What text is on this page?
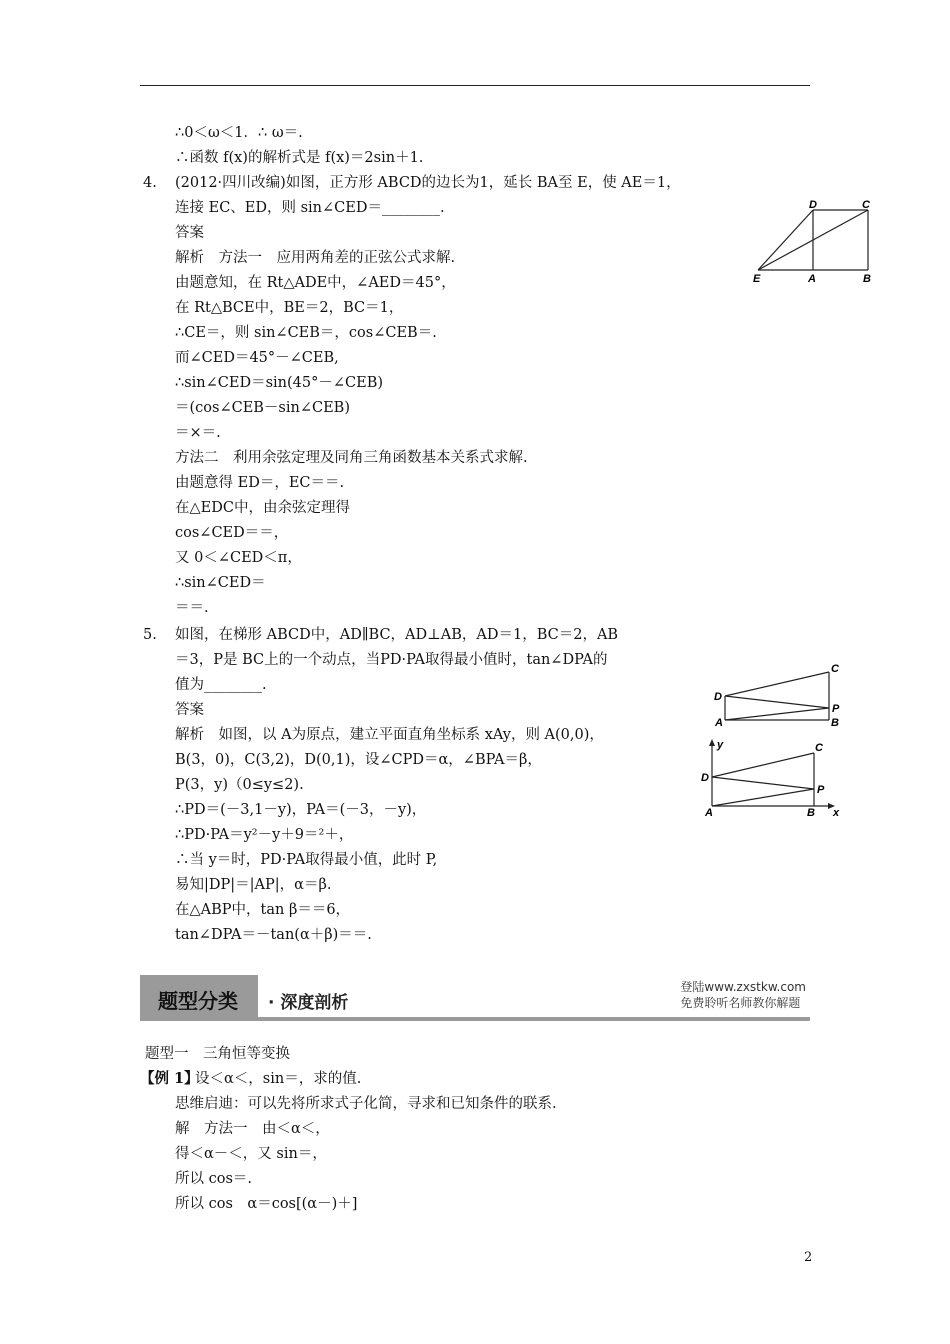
∴0＜ω＜1．∴ ω＝.
∴函数 f(x)的解析式是 f(x)＝2sin＋1.
4. (2012·四川改编)如图，正方形 ABCD的边长为1，延长 BA至 E，使 AE＝1，
连接 EC、ED，则 sin∠CED＝________.
答案
解析　方法一　应用两角差的正弦公式求解.
由题意知，在 Rt△ADE中，∠AED＝45°，
在 Rt△BCE中，BE＝2，BC＝1，
∴CE＝，则 sin∠CEB＝，cos∠CEB＝.
而∠CED＝45°－∠CEB,
∴sin∠CED＝sin(45°－∠CEB)
＝(cos∠CEB－sin∠CEB)
＝×＝.
方法二　利用余弦定理及同角三角函数基本关系式求解.
由题意得 ED＝，EC＝＝.
在△EDC中，由余弦定理得
cos∠CED＝＝，
又 0＜∠CED＜π，
∴sin∠CED＝
＝＝.
D	C
E	A	B
5. 如图，在梯形 ABCD中，AD∥BC，AD⊥AB，AD＝1，BC＝2，AB
＝3，P是 BC上的一个动点，当PD·PA取得最小值时，tan∠DPA的
值为________.
答案
解析　如图，以 A为原点，建立平面直角坐标系 xAy，则 A(0,0)，
B(3，0)，C(3,2)，D(0,1)，设∠CPD＝α，∠BPA＝β，
P(3，y)（0≤y≤2).
∴PD＝(－3,1－y)，PA＝(－3，－y)，
∴PD·PA＝y²－y＋9＝²＋，
∴当 y＝时，PD·PA取得最小值，此时 P,
易知|DP|＝|AP|，α＝β.
在△ABP中，tan β＝＝6，
tan∠DPA＝－tan(α＋β)＝＝.
C
D
P
A	B
y	C
D
P
A	B x
题型分类 · 深度剖析
登陆www.zxstkw.com
免费聆听名师教你解题
题型一　三角恒等变换
【例 1】
设＜α＜，sin＝，求的值.
思维启迪：可以先将所求式子化简，寻求和已知条件的联系.
解　方法一　由＜α＜，
得＜α－＜，又 sin＝，
所以 cos＝.
所以 cos　α＝cos[(α－)＋]
2
